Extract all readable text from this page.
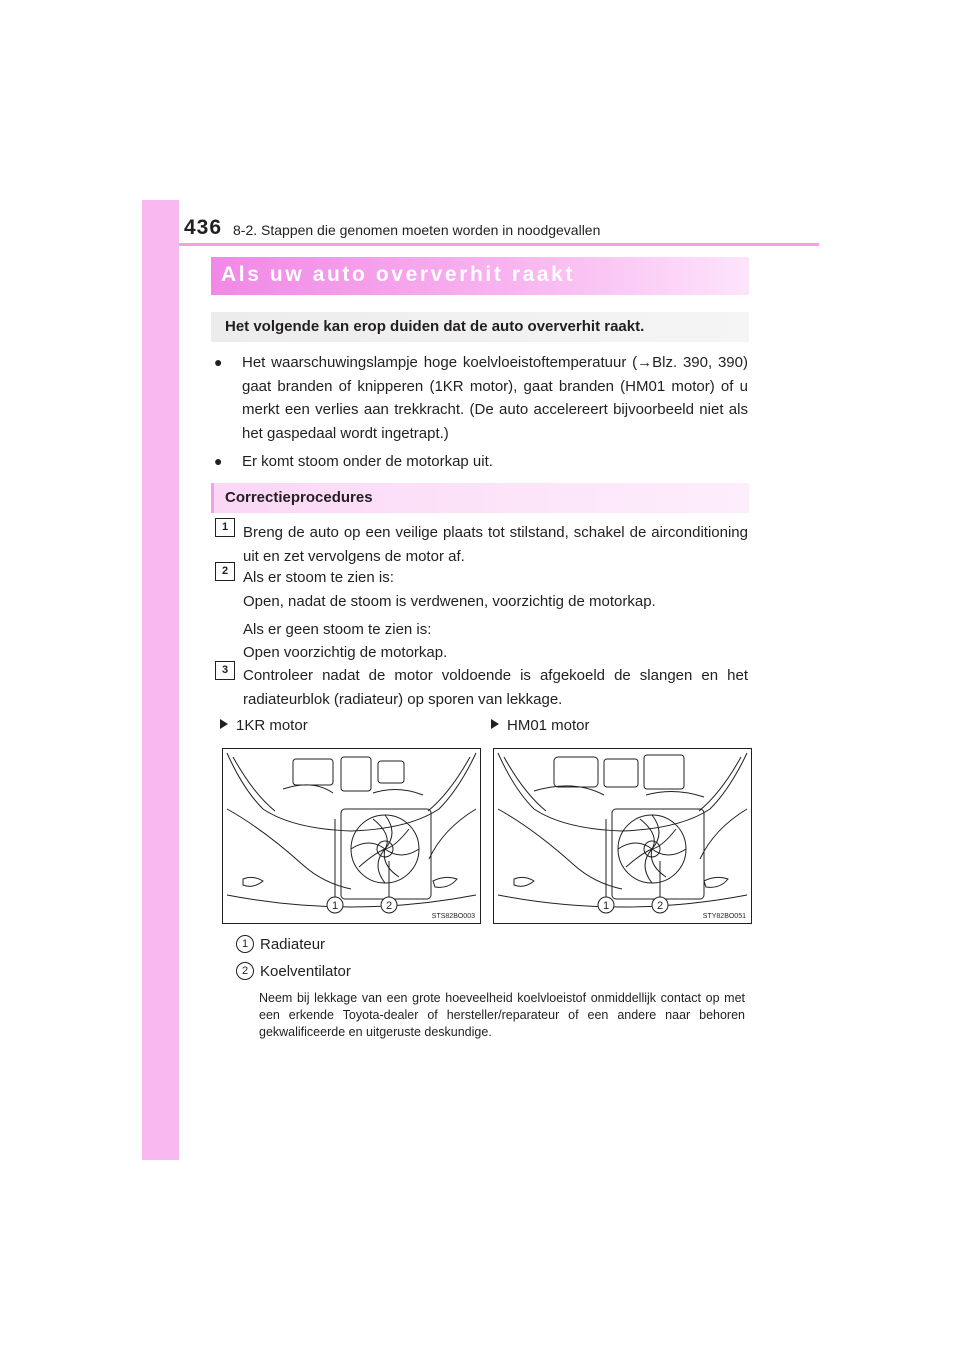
436 8-2. Stappen die genomen moeten worden in noodgevallen
Als uw auto oververhit raakt
Het volgende kan erop duiden dat de auto oververhit raakt.
● Het waarschuwingslampje hoge koelvloeistoftemperatuur (→Blz. 390, 390) gaat branden of knipperen (1KR motor), gaat branden (HM01 motor) of u merkt een verlies aan trekkracht. (De auto accelereert bijvoorbeeld niet als het gaspedaal wordt ingetrapt.)
● Er komt stoom onder de motorkap uit.
Correctieprocedures
1 Breng de auto op een veilige plaats tot stilstand, schakel de airconditioning uit en zet vervolgens de motor af.
2 Als er stoom te zien is:
Open, nadat de stoom is verdwenen, voorzichtig de motorkap.
Als er geen stoom te zien is:
Open voorzichtig de motorkap.
3 Controleer nadat de motor voldoende is afgekoeld de slangen en het radiateurblok (radiateur) op sporen van lekkage.
1KR motor	HM01 motor
1	2
STS82BO003
1	2
STY82BO051
1 Radiateur
2 Koelventilator
Neem bij lekkage van een grote hoeveelheid koelvloeistof onmiddellijk contact op met een erkende Toyota-dealer of hersteller/reparateur of een andere naar behoren gekwalificeerde en uitgeruste deskundige.
